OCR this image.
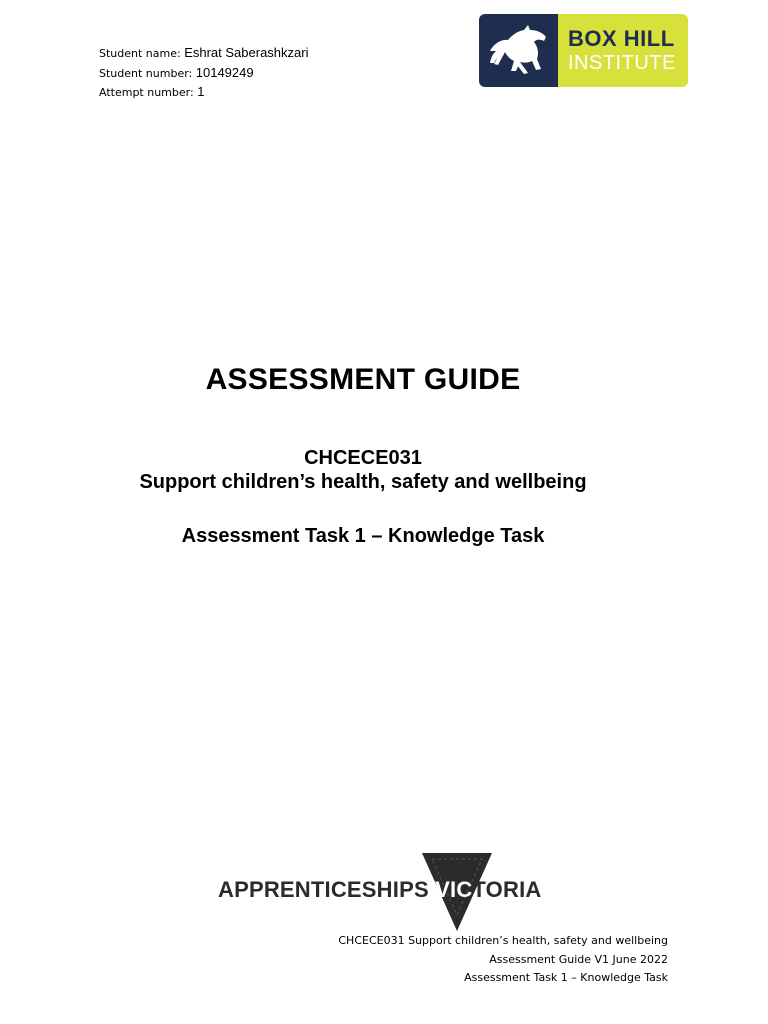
Student name: Eshrat Saberashkzari
Student number: 10149249
Attempt number: 1
BOX HILL
INSTITUTE
ASSESSMENT GUIDE
CHCECE031
Support children’s health, safety and wellbeing
Assessment Task 1 – Knowledge Task
APPRENTICESHIPS VICTORIA
CHCECE031 Support children’s health, safety and wellbeing
Assessment Guide V1 June 2022
Assessment Task 1 – Knowledge Task
